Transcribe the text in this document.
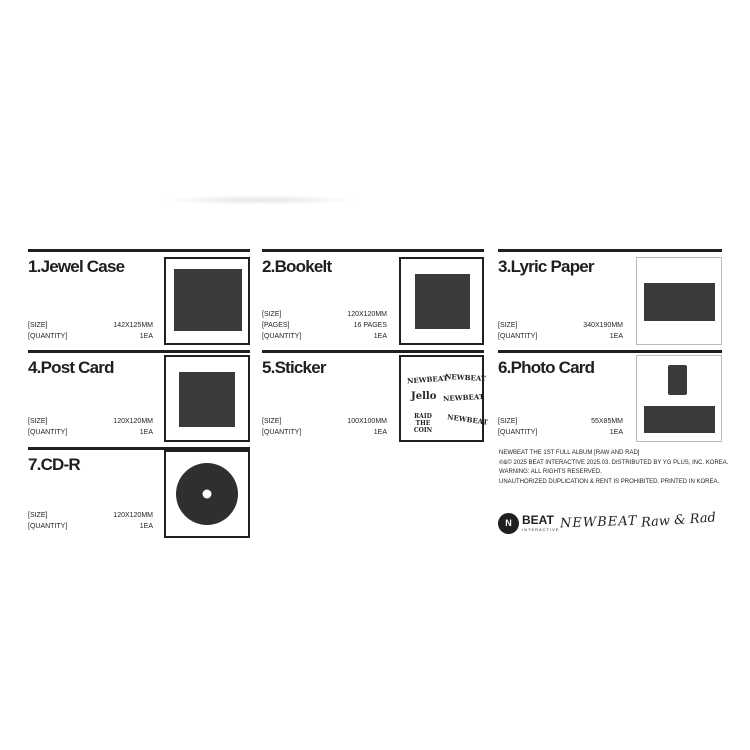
1.Jewel Case
[SIZE]	142X125MM
[QUANTITY]	1EA
2.Bookelt
[SIZE]	120X120MM
[PAGES]	16 PAGES
[QUANTITY]	1EA
3.Lyric Paper
[SIZE]	340X190MM
[QUANTITY]	1EA
4.Post Card
[SIZE]	120X120MM
[QUANTITY]	1EA
5.Sticker
[SIZE]	100X100MM
[QUANTITY]	1EA
NEWBEAT
NEWBEAT
Jello NEWBEAT
RAID THE COIN
NEWBEAT
6.Photo Card
[SIZE]	55X85MM
[QUANTITY]	1EA
7.CD-R
[SIZE]	120X120MM
[QUANTITY]	1EA
NEWBEAT THE 1ST FULL ALBUM [RAW AND RAD]
℗&© 2025 BEAT INTERACTIVE 2025.03. DISTRIBUTED BY YG PLUS, INC. KOREA.
WARNING: ALL RIGHTS RESERVED.
UNAUTHORIZED DUPLICATION & RENT IS PROHIBITED. PRINTED IN KOREA.
N BEAT
INTERACTIVE NEWBEAT Raw & Rad
